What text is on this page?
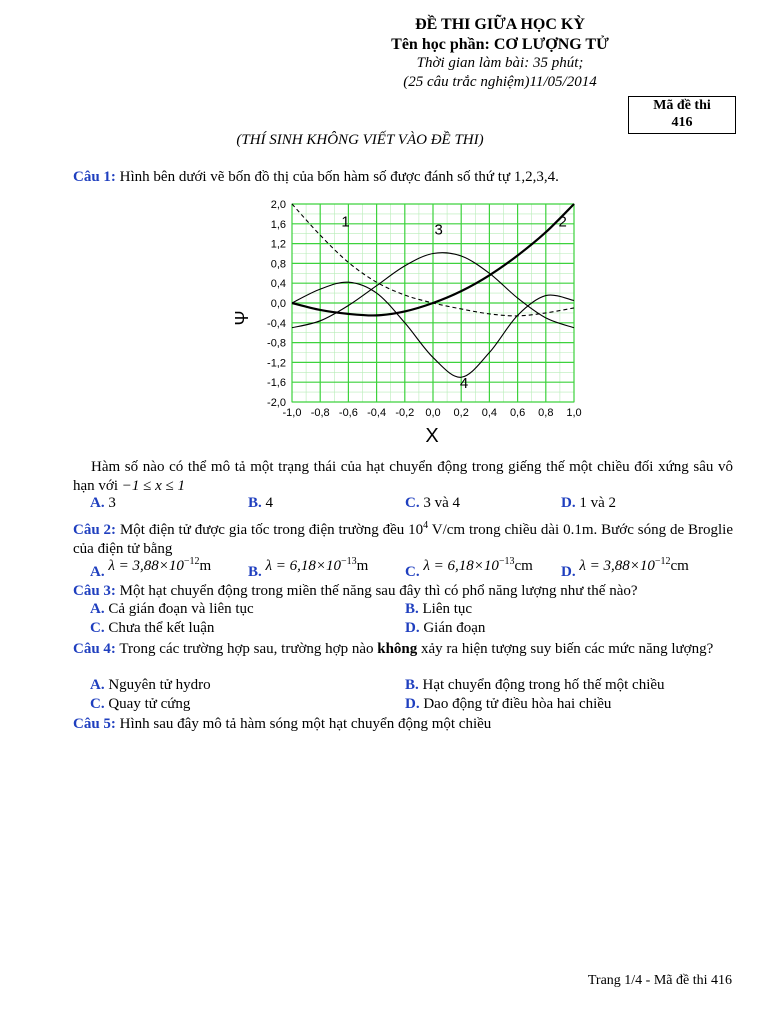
ĐỀ THI GIỮA HỌC KỲ
Tên học phần: CƠ LƯỢNG TỬ
Thời gian làm bài: 35 phút;
(25 câu trắc nghiệm)11/05/2014
Mã đề thi
416
(THÍ SINH KHÔNG VIẾT VÀO ĐỀ THI)
Câu 1: Hình bên dưới vẽ bốn đồ thị của bốn hàm số được đánh số thứ tự 1,2,3,4.
-1,0 -0,8 -0,6 -0,4 -0,2 0,0 0,2 0,4 0,6 0,8 1,0
2,0
1,6
1,2
0,8
0,4
0,0
-0,4
-0,8
-1,2
-1,6
-2,0
1	2
3
4
X
Ψ
Hàm số nào có thể mô tả một trạng thái của hạt chuyển động trong giếng thế một chiều đối xứng sâu vô hạn với −1 ≤ x ≤ 1
A. 3	B. 4	C. 3 và 4	D. 1 và 2
Câu 2: Một điện tử được gia tốc trong điện trường đều $10^4$ V/cm trong chiều dài 0.1m. Bước sóng de Broglie của điện tử bằng
A. $\lambda = 3,88\times 10^{-12}m$ B. $\lambda = 6,18\times 10^{-13}m$ C. $\lambda = 6,18\times 10^{-13}cm$ D. $\lambda = 3,88\times 10^{-12}cm$
Câu 3: Một hạt chuyển động trong miền thế năng sau đây thì có phổ năng lượng như thế nào?
A. Cả gián đoạn và liên tục	B. Liên tục
C. Chưa thể kết luận	D. Gián đoạn
Câu 4: Trong các trường hợp sau, trường hợp nào không xảy ra hiện tượng suy biến các mức năng lượng?
A. Nguyên tử hydro	B. Hạt chuyển động trong hố thế một chiều
C. Quay tử cứng	D. Dao động tử điều hòa hai chiều
Câu 5: Hình sau đây mô tả hàm sóng một hạt chuyển động một chiều
Trang 1/4 - Mã đề thi 416
